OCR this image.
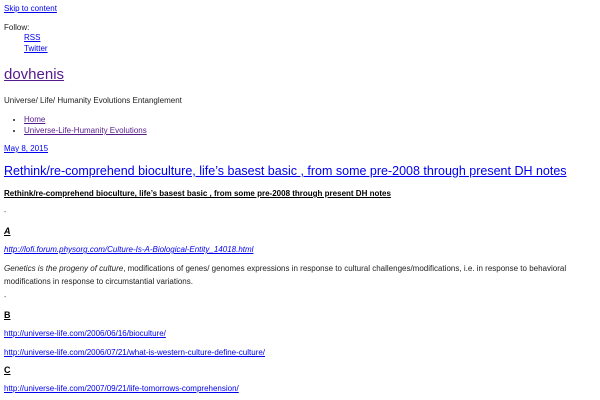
Skip to content
Follow:
RSS
Twitter
dovhenis
Universe/ Life/ Humanity Evolutions Entanglement
• Home
• Universe-Life-Humanity Evolutions
May 8, 2015
Rethink/re-comprehend bioculture, life’s basest basic , from some pre-2008 through present DH notes
Rethink/re-comprehend bioculture, life’s basest basic , from some pre-2008 through present DH notes
-
A
http://lofi.forum.physorg.com/Culture-Is-A-Biological-Entity_14018.html
Genetics is the progeny of culture, modifications of genes/ genomes expressions in response to cultural challenges/modifications, i.e. in response to behavioral modifications in response to circumstantial variations.
-
B
http://universe-life.com/2006/06/16/bioculture/
http://universe-life.com/2006/07/21/what-is-western-culture-define-culture/
C
http://universe-life.com/2007/09/21/life-tomorrows-comprehension/
